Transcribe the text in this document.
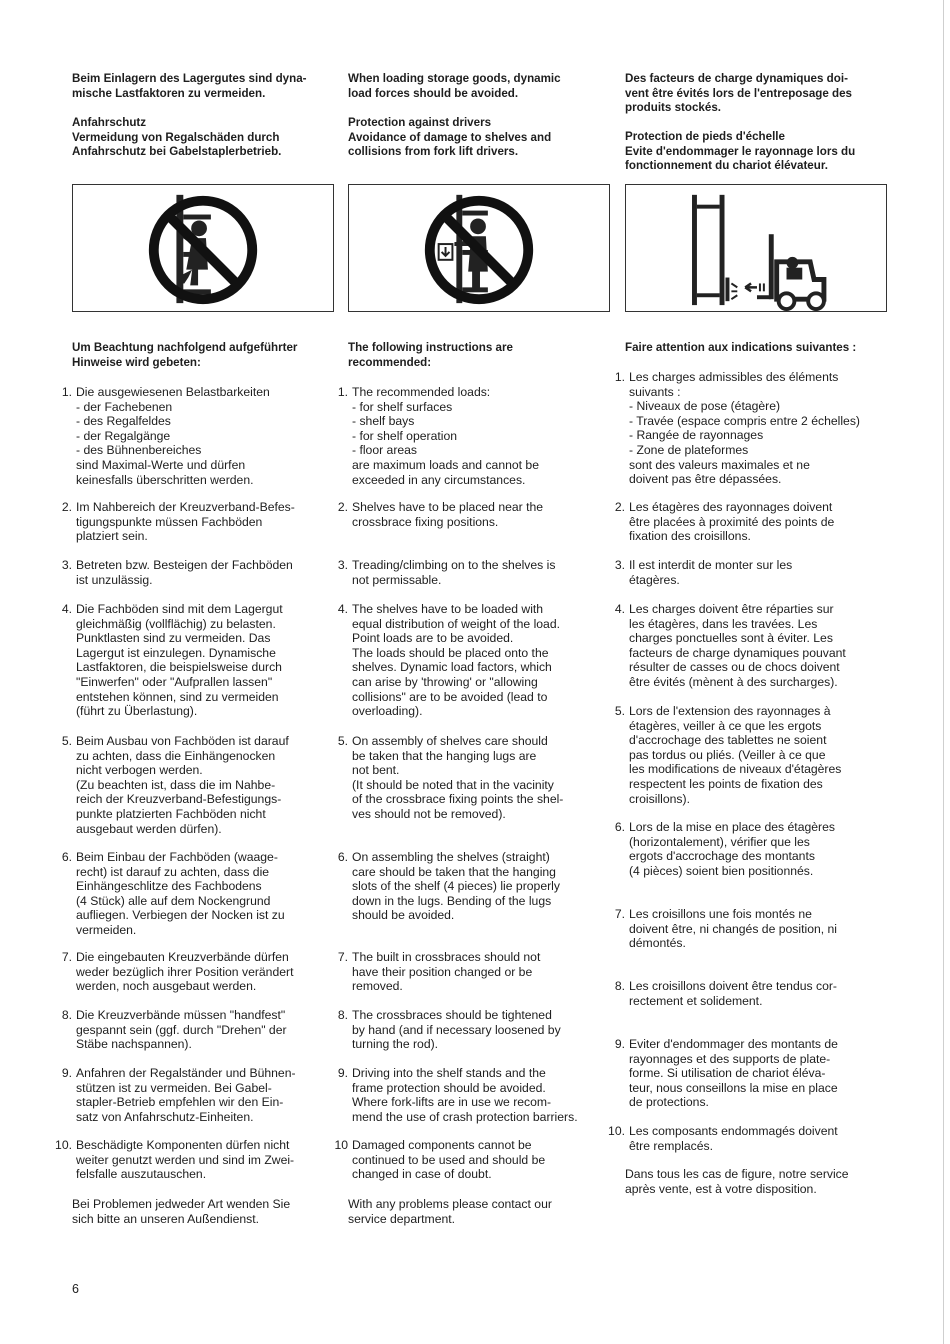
Beim Einlagern des Lagergutes sind dyna-
mische Lastfaktoren zu vermeiden.
Anfahrschutz
Vermeidung von Regalschäden durch
Anfahrschutz bei Gabelstaplerbetrieb.
When loading storage goods, dynamic
load forces should be avoided.
Protection against drivers
Avoidance of damage to shelves and
collisions from fork lift drivers.
Des facteurs de charge dynamiques doi-
vent être évités lors de l'entreposage des
produits stockés.
Protection de pieds d'échelle
Evite d'endommager le rayonnage lors du
fonctionnement du chariot élévateur.
Um Beachtung nachfolgend aufgeführter
Hinweise wird gebeten:
The following instructions are
recommended:
Faire attention aux indications suivantes :
1. Die ausgewiesenen Belastbarkeiten
- der Fachebenen
- des Regalfeldes
- der Regalgänge
- des Bühnenbereiches
sind Maximal-Werte und dürfen
keinesfalls überschritten werden.
2. Im Nahbereich der Kreuzverband-Befes-
tigungspunkte müssen Fachböden
platziert sein.
3. Betreten bzw. Besteigen der Fachböden
ist unzulässig.
4. Die Fachböden sind mit dem Lagergut
gleichmäßig (vollflächig) zu belasten.
Punktlasten sind zu vermeiden. Das
Lagergut ist einzulegen. Dynamische
Lastfaktoren, die beispielsweise durch
"Einwerfen" oder "Aufprallen lassen"
entstehen können, sind zu vermeiden
(führt zu Überlastung).
5. Beim Ausbau von Fachböden ist darauf
zu achten, dass die Einhängenocken
nicht verbogen werden.
(Zu beachten ist, dass die im Nahbe-
reich der Kreuzverband-Befestigungs-
punkte platzierten Fachböden nicht
ausgebaut werden dürfen).
6. Beim Einbau der Fachböden (waage-
recht) ist darauf zu achten, dass die
Einhängeschlitze des Fachbodens
(4 Stück) alle auf dem Nockengrund
aufliegen. Verbiegen der Nocken ist zu
vermeiden.
7. Die eingebauten Kreuzverbände dürfen
weder bezüglich ihrer Position verändert
werden, noch ausgebaut werden.
8. Die Kreuzverbände müssen "handfest"
gespannt sein (ggf. durch "Drehen" der
Stäbe nachspannen).
9. Anfahren der Regalständer und Bühnen-
stützen ist zu vermeiden. Bei Gabel-
stapler-Betrieb empfehlen wir den Ein-
satz von Anfahrschutz-Einheiten.
10. Beschädigte Komponenten dürfen nicht
weiter genutzt werden und sind im Zwei-
felsfalle auszutauschen.
Bei Problemen jedweder Art wenden Sie
sich bitte an unseren Außendienst.
1. The recommended loads:
- for shelf surfaces
- shelf bays
- for shelf operation
- floor areas
are maximum loads and cannot be
exceeded in any circumstances.
2. Shelves have to be placed near the
crossbrace fixing positions.
3. Treading/climbing on to the shelves is
not permissable.
4. The shelves have to be loaded with
equal distribution of weight of the load.
Point loads are to be avoided.
The loads should be placed onto the
shelves. Dynamic load factors, which
can arise by 'throwing' or "allowing
collisions" are to be avoided (lead to
overloading).
5. On assembly of shelves care should
be taken that the hanging lugs are
not bent.
(It should be noted that in the vacinity
of the crossbrace fixing points the shel-
ves should not be removed).
6. On assembling the shelves (straight)
care should be taken that the hanging
slots of the shelf (4 pieces) lie properly
down in the lugs. Bending of the lugs
should be avoided.
7. The built in crossbraces should not
have their position changed or be
removed.
8. The crossbraces should be tightened
by hand (and if necessary loosened by
turning the rod).
9. Driving into the shelf stands and the
frame protection should be avoided.
Where fork-lifts are in use we recom-
mend the use of crash protection barriers.
10 Damaged components cannot be
continued to be used and should be
changed in case of doubt.
With any problems please contact our
service department.
1. Les charges admissibles des éléments
suivants :
- Niveaux de pose (étagère)
- Travée (espace compris entre 2 échelles)
- Rangée de rayonnages
- Zone de plateformes
sont des valeurs maximales et ne
doivent pas être dépassées.
2. Les étagères des rayonnages doivent
être placées à proximité des points de
fixation des croisillons.
3. Il est interdit de monter sur les
étagères.
4. Les charges doivent être réparties sur
les étagères, dans les travées. Les
charges ponctuelles sont à éviter. Les
facteurs de charge dynamiques pouvant
résulter de casses ou de chocs doivent
être évités (mènent à des surcharges).
5. Lors de l'extension des rayonnages à
étagères, veiller à ce que les ergots
d'accrochage des tablettes ne soient
pas tordus ou pliés. (Veiller à ce que
les modifications de niveaux d'étagères
respectent les points de fixation des
croisillons).
6. Lors de la mise en place des étagères
(horizontalement), vérifier que les
ergots d'accrochage des montants
(4 pièces) soient bien positionnés.
7. Les croisillons une fois montés ne
doivent être, ni changés de position, ni
démontés.
8. Les croisillons doivent être tendus cor-
rectement et solidement.
9. Eviter d'endommager des montants de
rayonnages et des supports de plate-
forme. Si utilisation de chariot éléva-
teur, nous conseillons la mise en place
de protections.
10. Les composants endommagés doivent
être remplacés.
Dans tous les cas de figure, notre service
après vente, est à votre disposition.
6
